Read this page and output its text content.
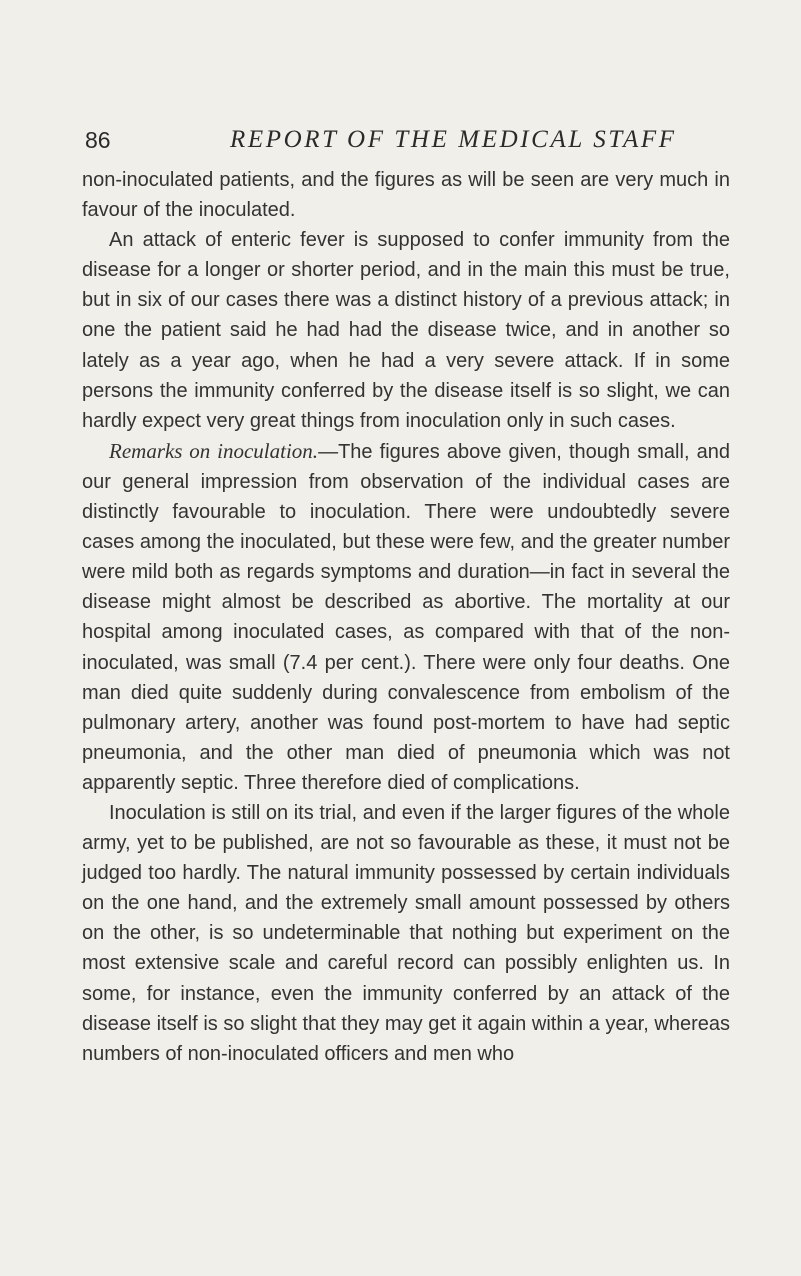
86	REPORT OF THE MEDICAL STAFF

non-inoculated patients, and the figures as will be seen are very much in favour of the inoculated.

An attack of enteric fever is supposed to confer immunity from the disease for a longer or shorter period, and in the main this must be true, but in six of our cases there was a distinct history of a previous attack; in one the patient said he had had the disease twice, and in another so lately as a year ago, when he had a very severe attack. If in some persons the immunity conferred by the disease itself is so slight, we can hardly expect very great things from inoculation only in such cases.

Remarks on inoculation.—The figures above given, though small, and our general impression from observation of the individual cases are distinctly favourable to inoculation. There were undoubtedly severe cases among the inoculated, but these were few, and the greater number were mild both as regards symptoms and duration—in fact in several the disease might almost be described as abortive. The mortality at our hospital among inoculated cases, as compared with that of the non-inoculated, was small (7.4 per cent.). There were only four deaths. One man died quite suddenly during convalescence from embolism of the pulmonary artery, another was found post-mortem to have had septic pneumonia, and the other man died of pneumonia which was not apparently septic. Three therefore died of complications.

Inoculation is still on its trial, and even if the larger figures of the whole army, yet to be published, are not so favourable as these, it must not be judged too hardly. The natural immunity possessed by certain individuals on the one hand, and the extremely small amount possessed by others on the other, is so undeterminable that nothing but experiment on the most extensive scale and careful record can possibly enlighten us. In some, for instance, even the immunity conferred by an attack of the disease itself is so slight that they may get it again within a year, whereas numbers of non-inoculated officers and men who
